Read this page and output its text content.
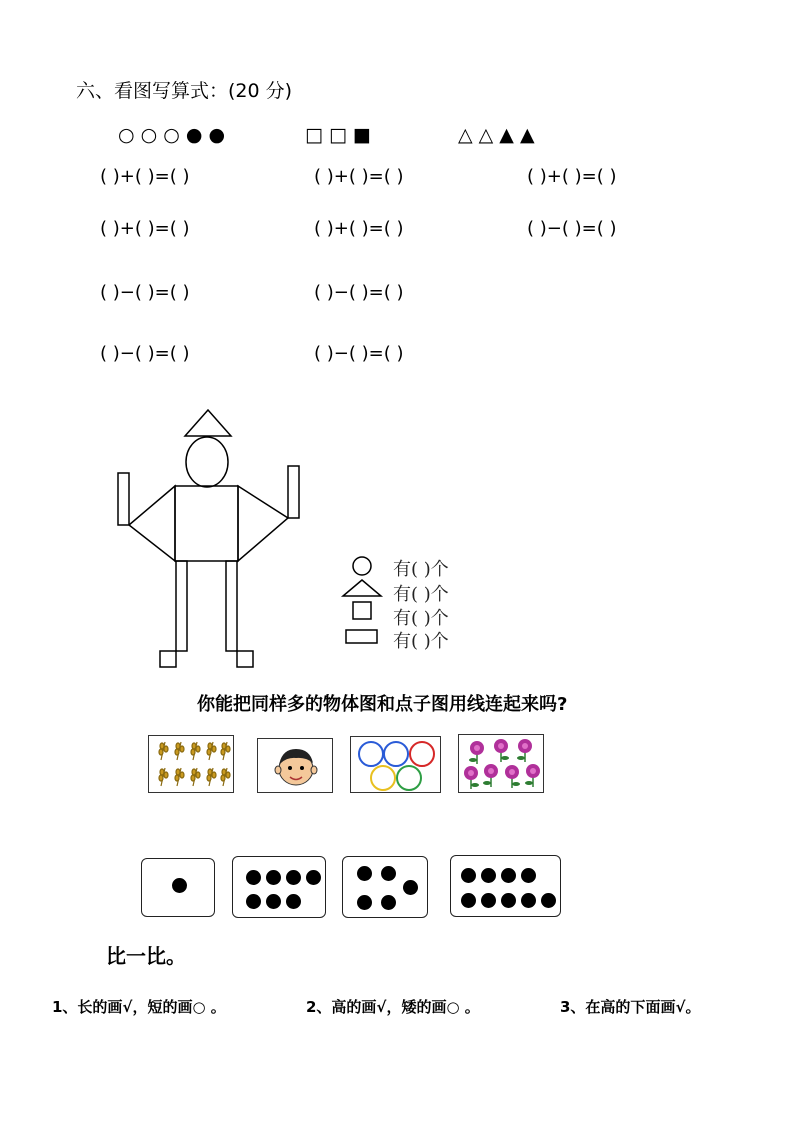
六、看图写算式：(20 分)
○ ○ ○ ● ●	□ □ ■	△ △ ▲ ▲
( )+( )=( )	( )+( )=( )	( )+( )=( )
( )+( )=( )	( )+( )=( )	( )−( )=( )
( )−( )=( )	( )−( )=( )
( )−( )=( )	( )−( )=( )
有( )个
有( )个
有( )个
有( )个
你能把同样多的物体图和点子图用线连起来吗?
比一比。
1、长的画√，短的画○ 。	2、高的画√，矮的画○ 。	3、在高的下面画√。
